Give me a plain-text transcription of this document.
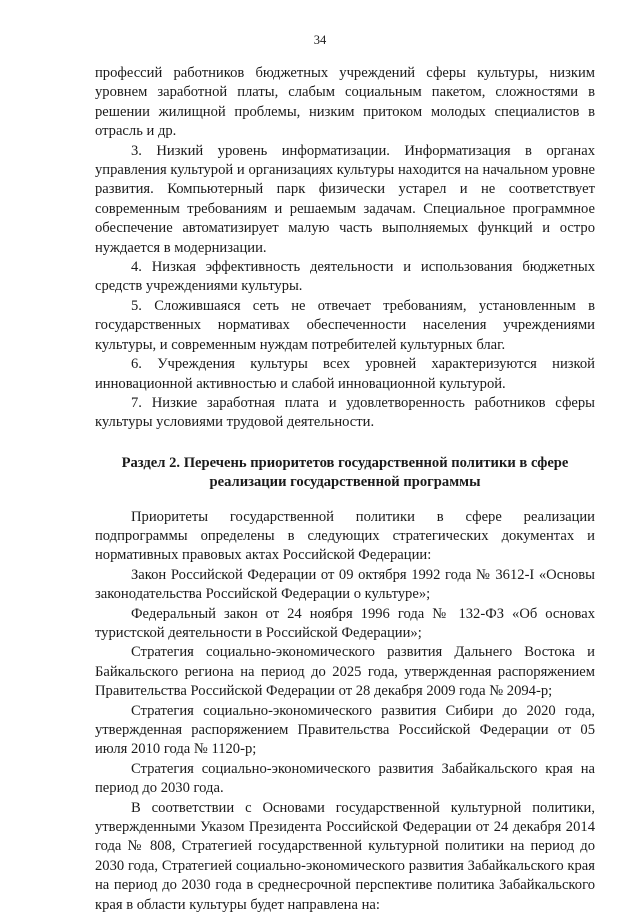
34

профессий работников бюджетных учреждений сферы культуры, низким уровнем заработной платы, слабым социальным пакетом, сложностями в решении жилищной проблемы, низким притоком молодых специалистов в отрасль и др.

3. Низкий уровень информатизации. Информатизация в органах управления культурой и организациях культуры находится на начальном уровне развития. Компьютерный парк физически устарел и не соответствует современным требованиям и решаемым задачам. Специальное программное обеспечение автоматизирует малую часть выполняемых функций и остро нуждается в модернизации.

4. Низкая эффективность деятельности и использования бюджетных средств учреждениями культуры.

5. Сложившаяся сеть не отвечает требованиям, установленным в государственных нормативах обеспеченности населения учреждениями культуры, и современным нуждам потребителей культурных благ.

6. Учреждения культуры всех уровней характеризуются низкой инновационной активностью и слабой инновационной культурой.

7. Низкие заработная плата и удовлетворенность работников сферы культуры условиями трудовой деятельности.

Раздел 2. Перечень приоритетов государственной политики в сфере реализации государственной программы

Приоритеты государственной политики в сфере реализации подпрограммы определены в следующих стратегических документах и нормативных правовых актах Российской Федерации:

Закон Российской Федерации от 09 октября 1992 года № 3612-I «Основы законодательства Российской Федерации о культуре»;

Федеральный закон от 24 ноября 1996 года № 132-ФЗ «Об основах туристской деятельности в Российской Федерации»;

Стратегия социально-экономического развития Дальнего Востока и Байкальского региона на период до 2025 года, утвержденная распоряжением Правительства Российской Федерации от 28 декабря 2009 года № 2094-р;

Стратегия социально-экономического развития Сибири до 2020 года, утвержденная распоряжением Правительства Российской Федерации от 05 июля 2010 года № 1120-р;

Стратегия социально-экономического развития Забайкальского края на период до 2030 года.

В соответствии с Основами государственной культурной политики, утвержденными Указом Президента Российской Федерации от 24 декабря 2014 года № 808, Стратегией государственной культурной политики на период до 2030 года, Стратегией социально-экономического развития Забайкальского края на период до 2030 года в среднесрочной перспективе политика Забайкальского края в области культуры будет направлена на:
